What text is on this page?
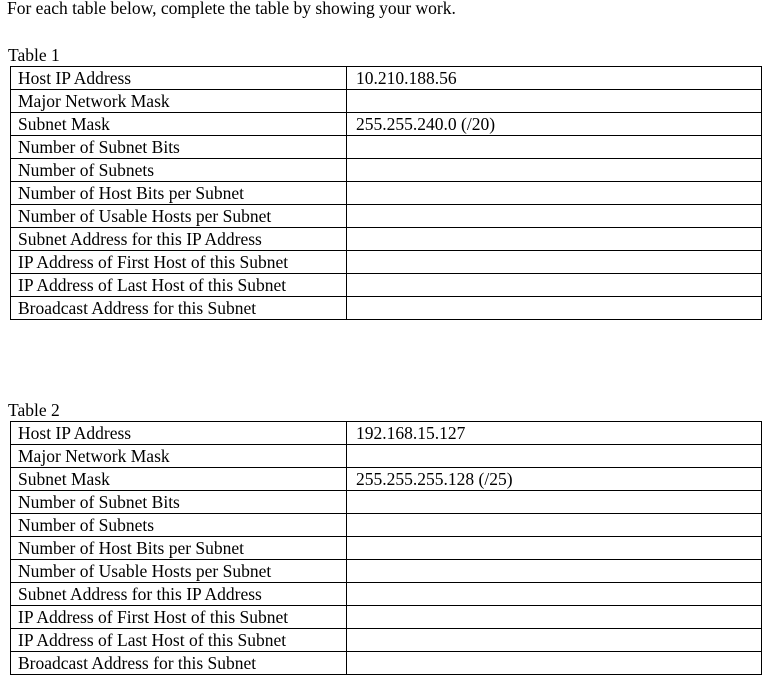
For each table below, complete the table by showing your work.
Table 1
Host IP Address	10.210.188.56
Major Network Mask	
Subnet Mask	255.255.240.0 (/20)
Number of Subnet Bits	
Number of Subnets	
Number of Host Bits per Subnet	
Number of Usable Hosts per Subnet	
Subnet Address for this IP Address	
IP Address of First Host of this Subnet	
IP Address of Last Host of this Subnet	
Broadcast Address for this Subnet	
Table 2
Host IP Address	192.168.15.127
Major Network Mask	
Subnet Mask	255.255.255.128 (/25)
Number of Subnet Bits	
Number of Subnets	
Number of Host Bits per Subnet	
Number of Usable Hosts per Subnet	
Subnet Address for this IP Address	
IP Address of First Host of this Subnet	
IP Address of Last Host of this Subnet	
Broadcast Address for this Subnet	
